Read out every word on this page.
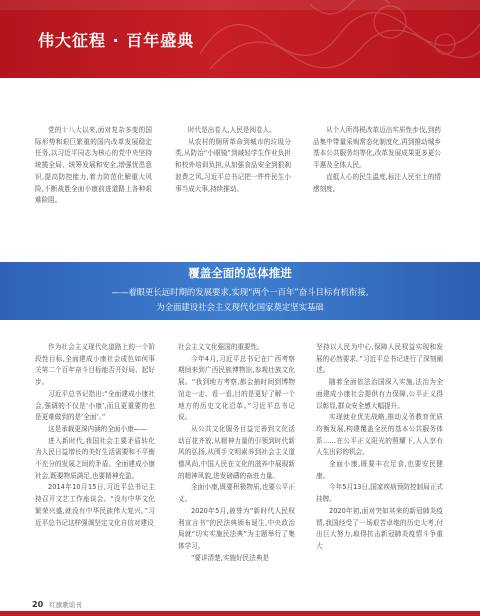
伟大征程 · 百年盛典

党的十八大以来,面对复杂多变的国际形势和艰巨繁重的国内改革发展稳定任务,以习近平同志为核心的党中央坚持统揽全局、统筹发展和安全,增强忧患意识,提高防控能力,着力防范化解重大风险,不断战胜全面小康前进道路上各种艰难险阻。

时代是出卷人,人民是阅卷人。

从农村的厕所革命到城市的垃圾分类,从防治“小眼镜”到减轻学生作业负担和校外培训负担,从加强食品安全到狠刹浪费之风,习近平总书记把一件件民生小事当成大事,持续推动。

从个人所得税改革迈出实质性步伐,到药品集中带量采购常态化制度化,再到推动城乡基本公共服务均等化,改革发展成果更多更公平惠及全体人民。

直抵人心的民生温度,标注人民至上的情感刻度。

覆盖全面的总体推进
——着眼更长远时期的发展要求,实现“两个一百年”奋斗目标有机衔接,
为全面建设社会主义现代化国家奠定坚实基础

作为社会主义现代化道路上的一个阶段性目标,全面建成小康社会成色如何事关第二个百年奋斗目标能否开好局、起好步。

习近平总书记指出:“全面建成小康社会,强调的不仅是‘小康’,而且更重要的也是更难做到的是‘全面’。”

这是承载更深内涵的全面小康——

进入新时代,我国社会主要矛盾转化为人民日益增长的美好生活需要和不平衡不充分的发展之间的矛盾。全面建成小康社会,既要物质满足,也要精神充盈。

2014年10月15日,习近平总书记主持召开文艺工作座谈会。“没有中华文化繁荣兴盛,就没有中华民族伟大复兴。”习近平总书记这样强调坚定文化自信对建设

社会主义文化强国的重要性。

今年4月,习近平总书记在广西考察期间来到广西民族博物馆,参观壮族文化展。“我到地方考察,都会抽时间到博物馆走一走、看一看,目的是更好了解一个地方的历史文化沿革。”习近平总书记说。

从公共文化服务目益完善到文化活动百花齐放,从精神力量的引领到时代新风的弘扬,从围手文明素养到社会主义道德风尚,中国人民在文化的滋养中展现新的精神风貌,进发磅礴的奋进力量。

全面小康,既要积极物质,也要公平正义。

2020年5月,被誉为“新时代人民权利宣言书”的民法典颁布诞生,中央政治局就“切实实施民法典”为主题举行了集体学习。

“要讲清楚,实施好民法典是

坚持以人民为中心,保障人民权益实现和发展的必然要求。”习近平总书记进行了深刻阐述。

随着全面依法治国深入实施,法治为全面建成小康社会提供有力保障,公平正义得以彰显,群众安全感大幅提升。

实现就业优先战略,推动义务教育优质均衡发展,构建覆盖全民的基本公共服务体系……在公平正义阳光的照耀下,人人享有人生出彩的机会。

全面小康,既要丰衣足食,也要安民健康。

今年5月13日,国家疾病预防控制局正式挂牌。

2020年初,面对突如其来的新冠肺炎疫情,我国经受了一场艰苦卓绝的历史大考,付出巨大努力,取得抗击新冠肺炎疫情斗争重大

20 红旗歌谣刊
